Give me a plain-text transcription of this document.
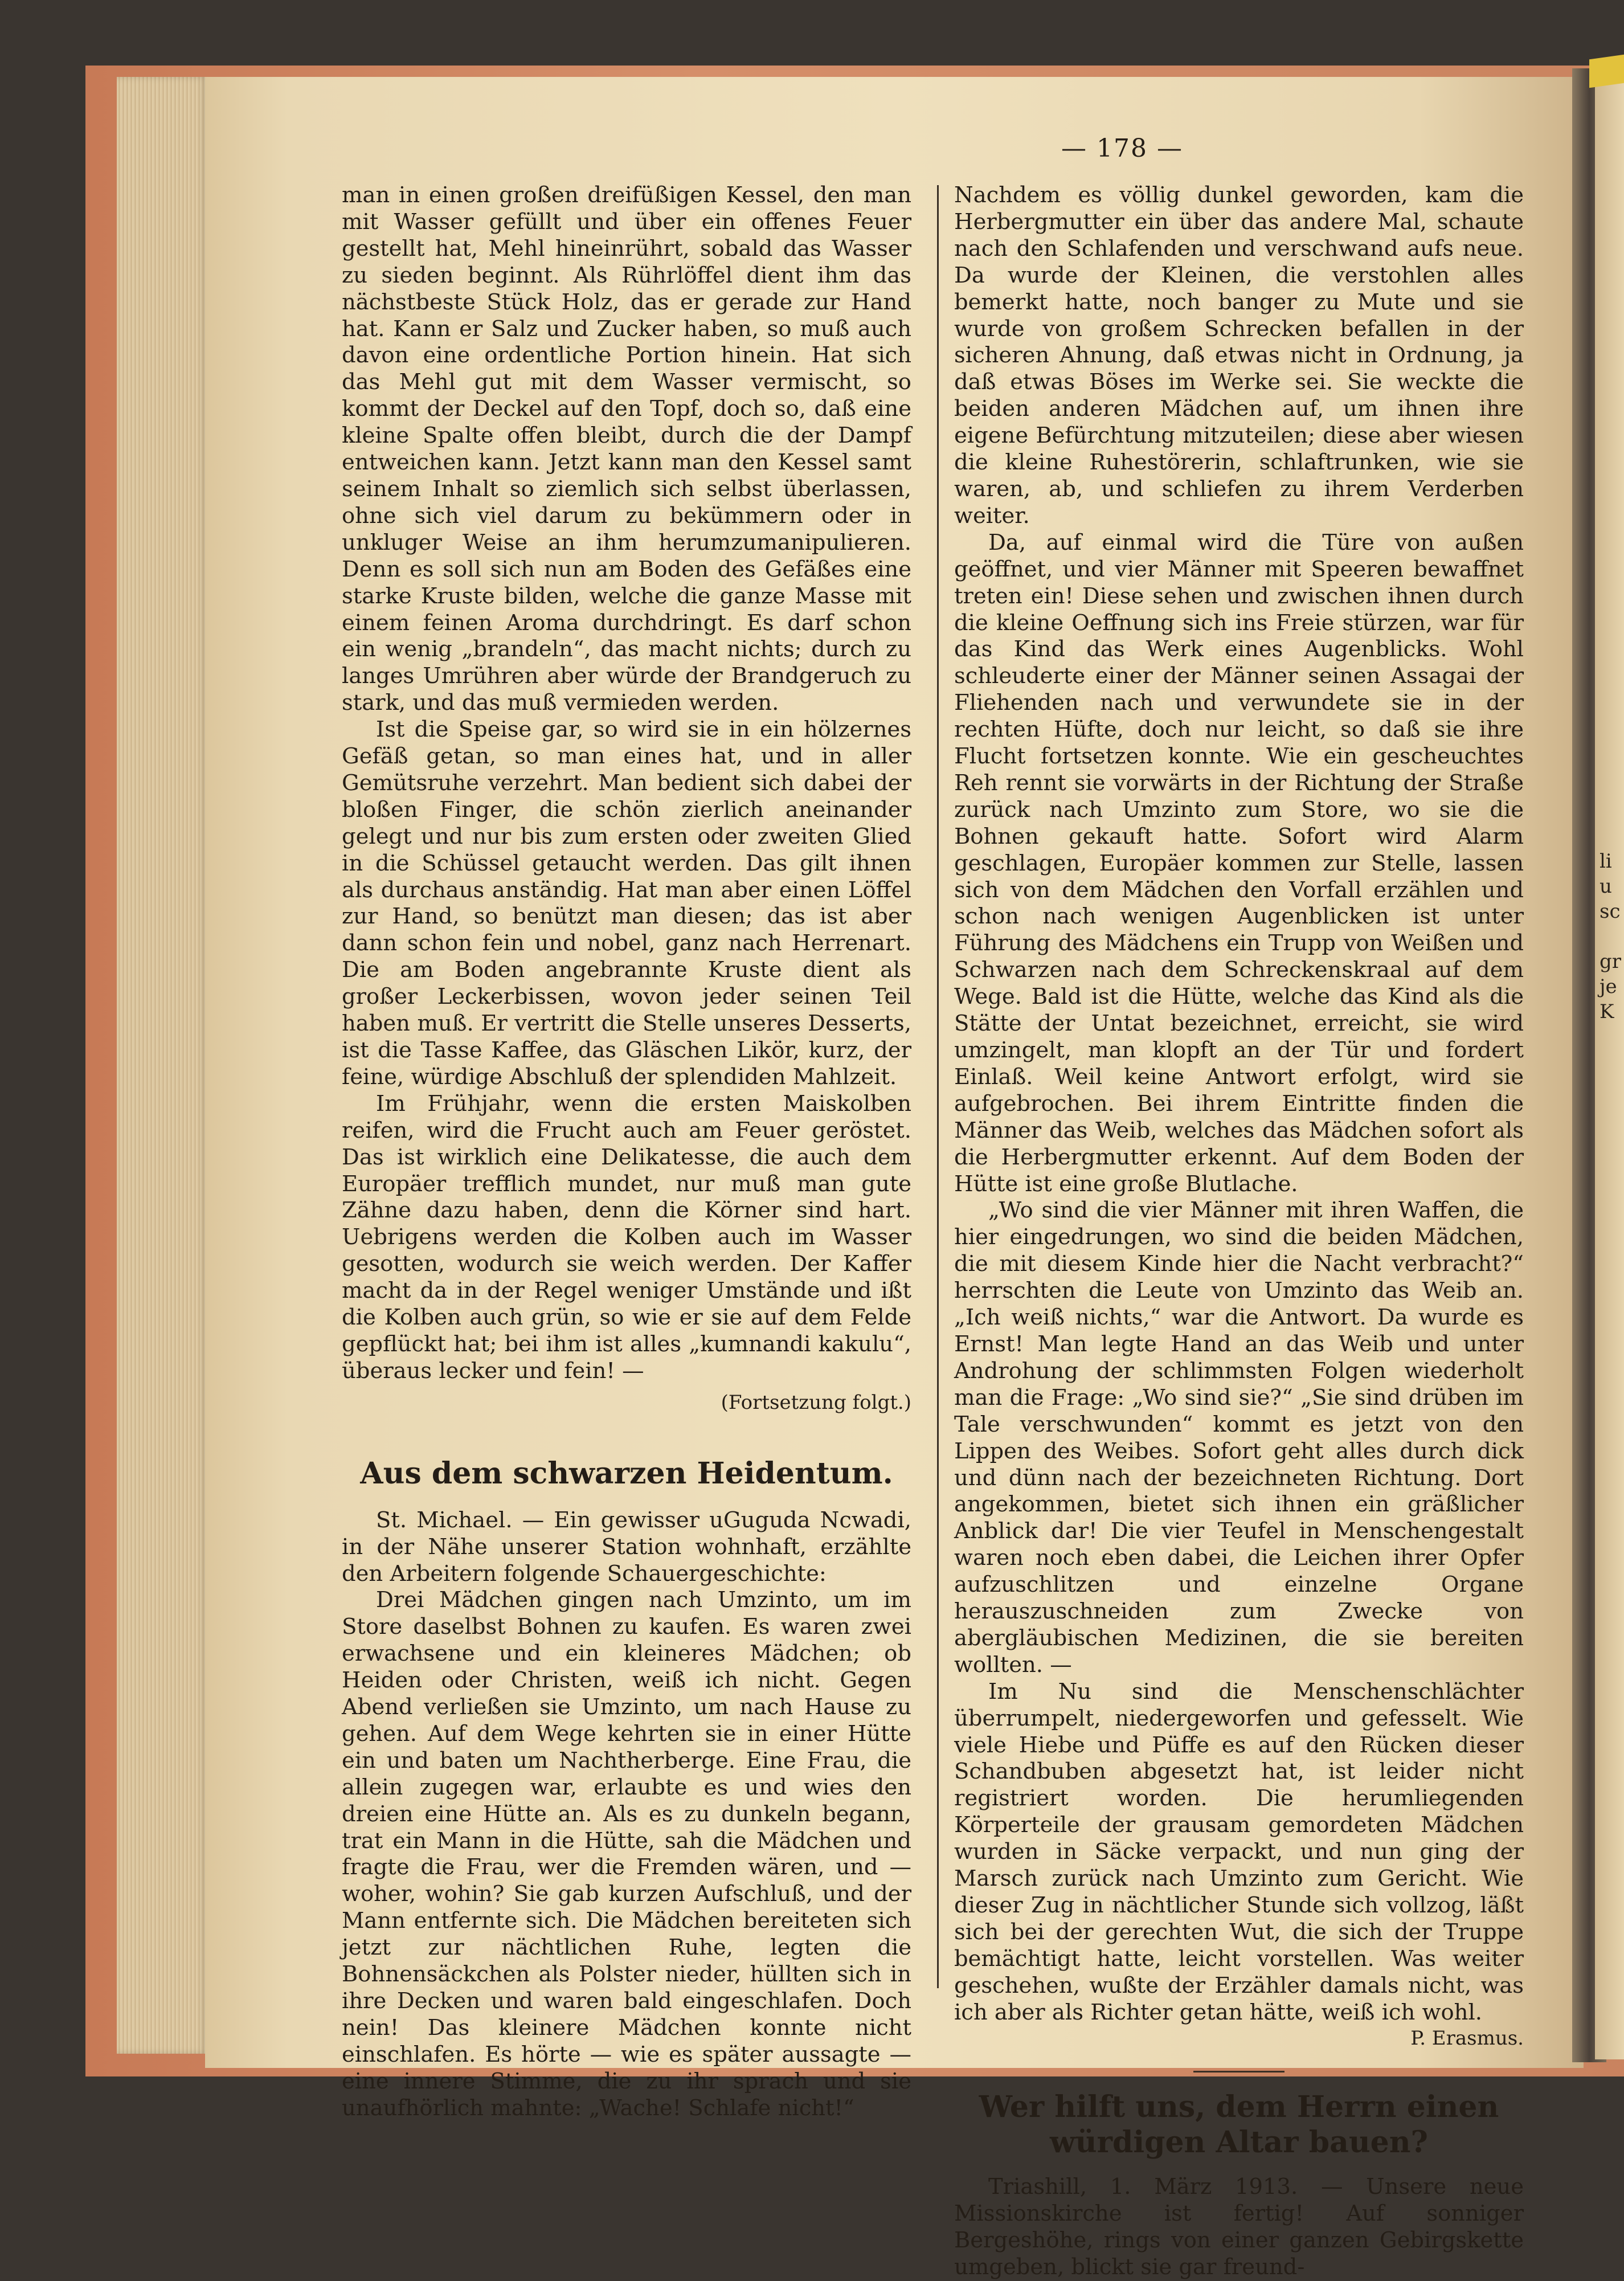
— 178 —

man in einen großen dreifüßigen Kessel, den man mit Wasser gefüllt und über ein offenes Feuer gestellt hat, Mehl hineinrührt, sobald das Wasser zu sieden beginnt. Als Rührlöffel dient ihm das nächstbeste Stück Holz, das er gerade zur Hand hat. Kann er Salz und Zucker haben, so muß auch davon eine ordentliche Portion hinein. Hat sich das Mehl gut mit dem Wasser vermischt, so kommt der Deckel auf den Topf, doch so, daß eine kleine Spalte offen bleibt, durch die der Dampf entweichen kann. Jetzt kann man den Kessel samt seinem Inhalt so ziemlich sich selbst überlassen, ohne sich viel darum zu bekümmern oder in unkluger Weise an ihm herumzumanipulieren. Denn es soll sich nun am Boden des Gefäßes eine starke Kruste bilden, welche die ganze Masse mit einem feinen Aroma durchdringt. Es darf schon ein wenig „brandeln“, das macht nichts; durch zu langes Umrühren aber würde der Brandgeruch zu stark, und das muß vermieden werden.

Ist die Speise gar, so wird sie in ein hölzernes Gefäß getan, so man eines hat, und in aller Gemütsruhe verzehrt. Man bedient sich dabei der bloßen Finger, die schön zierlich aneinander gelegt und nur bis zum ersten oder zweiten Glied in die Schüssel getaucht werden. Das gilt ihnen als durchaus anständig. Hat man aber einen Löffel zur Hand, so benützt man diesen; das ist aber dann schon fein und nobel, ganz nach Herrenart. Die am Boden angebrannte Kruste dient als großer Leckerbissen, wovon jeder seinen Teil haben muß. Er vertritt die Stelle unseres Desserts, ist die Tasse Kaffee, das Gläschen Likör, kurz, der feine, würdige Abschluß der splendiden Mahlzeit.

Im Frühjahr, wenn die ersten Maiskolben reifen, wird die Frucht auch am Feuer geröstet. Das ist wirklich eine Delikatesse, die auch dem Europäer trefflich mundet, nur muß man gute Zähne dazu haben, denn die Körner sind hart. Uebrigens werden die Kolben auch im Wasser gesotten, wodurch sie weich werden. Der Kaffer macht da in der Regel weniger Umstände und ißt die Kolben auch grün, so wie er sie auf dem Felde gepflückt hat; bei ihm ist alles „kumnandi kakulu“, überaus lecker und fein! —

(Fortsetzung folgt.)
Aus dem schwarzen Heidentum.

St. Michael. — Ein gewisser uGuguda Ncwadi, in der Nähe unserer Station wohnhaft, erzählte den Arbeitern folgende Schauergeschichte:

Drei Mädchen gingen nach Umzinto, um im Store daselbst Bohnen zu kaufen. Es waren zwei erwachsene und ein kleineres Mädchen; ob Heiden oder Christen, weiß ich nicht. Gegen Abend verließen sie Umzinto, um nach Hause zu gehen. Auf dem Wege kehrten sie in einer Hütte ein und baten um Nachtherberge. Eine Frau, die allein zugegen war, erlaubte es und wies den dreien eine Hütte an. Als es zu dunkeln begann, trat ein Mann in die Hütte, sah die Mädchen und fragte die Frau, wer die Fremden wären, und — woher, wohin? Sie gab kurzen Aufschluß, und der Mann entfernte sich. Die Mädchen bereiteten sich jetzt zur nächtlichen Ruhe, legten die Bohnensäckchen als Polster nieder, hüllten sich in ihre Decken und waren bald eingeschlafen. Doch nein! Das kleinere Mädchen konnte nicht einschlafen. Es hörte — wie es später aussagte — eine innere Stimme, die zu ihr sprach und sie unaufhörlich mahnte: „Wache! Schlafe nicht!“

Nachdem es völlig dunkel geworden, kam die Herbergmutter ein über das andere Mal, schaute nach den Schlafenden und verschwand aufs neue. Da wurde der Kleinen, die verstohlen alles bemerkt hatte, noch banger zu Mute und sie wurde von großem Schrecken befallen in der sicheren Ahnung, daß etwas nicht in Ordnung, ja daß etwas Böses im Werke sei. Sie weckte die beiden anderen Mädchen auf, um ihnen ihre eigene Befürchtung mitzuteilen; diese aber wiesen die kleine Ruhestörerin, schlaftrunken, wie sie waren, ab, und schliefen zu ihrem Verderben weiter.

Da, auf einmal wird die Türe von außen geöffnet, und vier Männer mit Speeren bewaffnet treten ein! Diese sehen und zwischen ihnen durch die kleine Oeffnung sich ins Freie stürzen, war für das Kind das Werk eines Augenblicks. Wohl schleuderte einer der Männer seinen Assagai der Fliehenden nach und verwundete sie in der rechten Hüfte, doch nur leicht, so daß sie ihre Flucht fortsetzen konnte. Wie ein gescheuchtes Reh rennt sie vorwärts in der Richtung der Straße zurück nach Umzinto zum Store, wo sie die Bohnen gekauft hatte. Sofort wird Alarm geschlagen, Europäer kommen zur Stelle, lassen sich von dem Mädchen den Vorfall erzählen und schon nach wenigen Augenblicken ist unter Führung des Mädchens ein Trupp von Weißen und Schwarzen nach dem Schreckenskraal auf dem Wege. Bald ist die Hütte, welche das Kind als die Stätte der Untat bezeichnet, erreicht, sie wird umzingelt, man klopft an der Tür und fordert Einlaß. Weil keine Antwort erfolgt, wird sie aufgebrochen. Bei ihrem Eintritte finden die Männer das Weib, welches das Mädchen sofort als die Herbergmutter erkennt. Auf dem Boden der Hütte ist eine große Blutlache.

„Wo sind die vier Männer mit ihren Waffen, die hier eingedrungen, wo sind die beiden Mädchen, die mit diesem Kinde hier die Nacht verbracht?“ herrschten die Leute von Umzinto das Weib an. „Ich weiß nichts,“ war die Antwort. Da wurde es Ernst! Man legte Hand an das Weib und unter Androhung der schlimmsten Folgen wiederholt man die Frage: „Wo sind sie?“ „Sie sind drüben im Tale verschwunden“ kommt es jetzt von den Lippen des Weibes. Sofort geht alles durch dick und dünn nach der bezeichneten Richtung. Dort angekommen, bietet sich ihnen ein gräßlicher Anblick dar! Die vier Teufel in Menschengestalt waren noch eben dabei, die Leichen ihrer Opfer aufzuschlitzen und einzelne Organe herauszuschneiden zum Zwecke von abergläubischen Medizinen, die sie bereiten wollten. —

Im Nu sind die Menschenschlächter überrumpelt, niedergeworfen und gefesselt. Wie viele Hiebe und Püffe es auf den Rücken dieser Schandbuben abgesetzt hat, ist leider nicht registriert worden. Die herumliegenden Körperteile der grausam gemordeten Mädchen wurden in Säcke verpackt, und nun ging der Marsch zurück nach Umzinto zum Gericht. Wie dieser Zug in nächtlicher Stunde sich vollzog, läßt sich bei der gerechten Wut, die sich der Truppe bemächtigt hatte, leicht vorstellen. Was weiter geschehen, wußte der Erzähler damals nicht, was ich aber als Richter getan hätte, weiß ich wohl.

P. Erasmus.
Wer hilft uns, dem Herrn einen würdigen Altar bauen?

Triashill, 1. März 1913. — Unsere neue Missionskirche ist fertig! Auf sonniger Bergeshöhe, rings von einer ganzen Gebirgskette umgeben, blickt sie gar freund-

li
u
sc

gr
je
K
